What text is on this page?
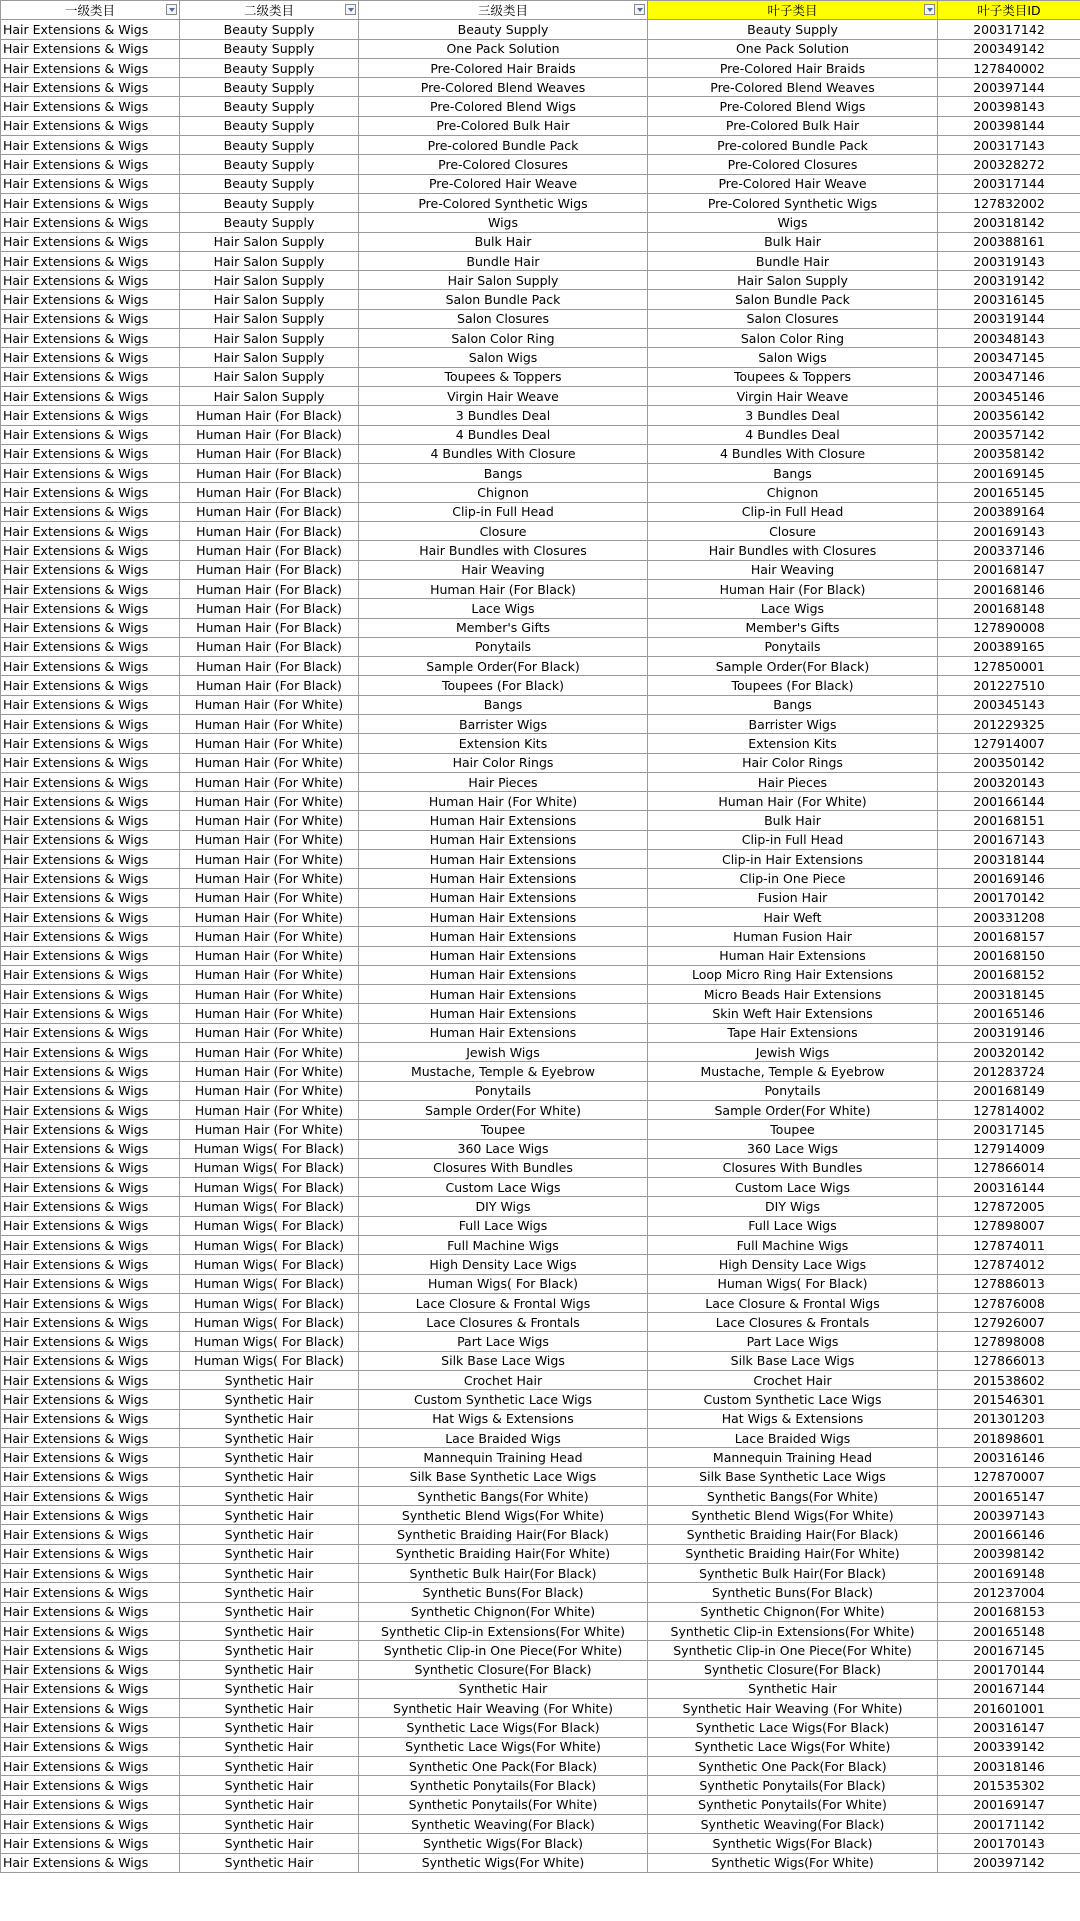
一级类目	二级类目	三级类目	叶子类目	叶子类目ID
Hair Extensions & Wigs	Beauty Supply	Beauty Supply	Beauty Supply	200317142
Hair Extensions & Wigs	Beauty Supply	One Pack Solution	One Pack Solution	200349142
Hair Extensions & Wigs	Beauty Supply	Pre-Colored Hair Braids	Pre-Colored Hair Braids	127840002
Hair Extensions & Wigs	Beauty Supply	Pre-Colored Blend Weaves	Pre-Colored Blend Weaves	200397144
Hair Extensions & Wigs	Beauty Supply	Pre-Colored Blend Wigs	Pre-Colored Blend Wigs	200398143
Hair Extensions & Wigs	Beauty Supply	Pre-Colored Bulk Hair	Pre-Colored Bulk Hair	200398144
Hair Extensions & Wigs	Beauty Supply	Pre-colored Bundle Pack	Pre-colored Bundle Pack	200317143
Hair Extensions & Wigs	Beauty Supply	Pre-Colored Closures	Pre-Colored Closures	200328272
Hair Extensions & Wigs	Beauty Supply	Pre-Colored Hair Weave	Pre-Colored Hair Weave	200317144
Hair Extensions & Wigs	Beauty Supply	Pre-Colored Synthetic Wigs	Pre-Colored Synthetic Wigs	127832002
Hair Extensions & Wigs	Beauty Supply	Wigs	Wigs	200318142
Hair Extensions & Wigs	Hair Salon Supply	Bulk Hair	Bulk Hair	200388161
Hair Extensions & Wigs	Hair Salon Supply	Bundle Hair	Bundle Hair	200319143
Hair Extensions & Wigs	Hair Salon Supply	Hair Salon Supply	Hair Salon Supply	200319142
Hair Extensions & Wigs	Hair Salon Supply	Salon Bundle Pack	Salon Bundle Pack	200316145
Hair Extensions & Wigs	Hair Salon Supply	Salon Closures	Salon Closures	200319144
Hair Extensions & Wigs	Hair Salon Supply	Salon Color Ring	Salon Color Ring	200348143
Hair Extensions & Wigs	Hair Salon Supply	Salon Wigs	Salon Wigs	200347145
Hair Extensions & Wigs	Hair Salon Supply	Toupees & Toppers	Toupees & Toppers	200347146
Hair Extensions & Wigs	Hair Salon Supply	Virgin Hair Weave	Virgin Hair Weave	200345146
Hair Extensions & Wigs	Human Hair (For Black)	3 Bundles Deal	3 Bundles Deal	200356142
Hair Extensions & Wigs	Human Hair (For Black)	4 Bundles Deal	4 Bundles Deal	200357142
Hair Extensions & Wigs	Human Hair (For Black)	4 Bundles With Closure	4 Bundles With Closure	200358142
Hair Extensions & Wigs	Human Hair (For Black)	Bangs	Bangs	200169145
Hair Extensions & Wigs	Human Hair (For Black)	Chignon	Chignon	200165145
Hair Extensions & Wigs	Human Hair (For Black)	Clip-in Full Head	Clip-in Full Head	200389164
Hair Extensions & Wigs	Human Hair (For Black)	Closure	Closure	200169143
Hair Extensions & Wigs	Human Hair (For Black)	Hair Bundles with Closures	Hair Bundles with Closures	200337146
Hair Extensions & Wigs	Human Hair (For Black)	Hair Weaving	Hair Weaving	200168147
Hair Extensions & Wigs	Human Hair (For Black)	Human Hair (For Black)	Human Hair (For Black)	200168146
Hair Extensions & Wigs	Human Hair (For Black)	Lace Wigs	Lace Wigs	200168148
Hair Extensions & Wigs	Human Hair (For Black)	Member's Gifts	Member's Gifts	127890008
Hair Extensions & Wigs	Human Hair (For Black)	Ponytails	Ponytails	200389165
Hair Extensions & Wigs	Human Hair (For Black)	Sample Order(For Black)	Sample Order(For Black)	127850001
Hair Extensions & Wigs	Human Hair (For Black)	Toupees (For Black)	Toupees (For Black)	201227510
Hair Extensions & Wigs	Human Hair (For White)	Bangs	Bangs	200345143
Hair Extensions & Wigs	Human Hair (For White)	Barrister Wigs	Barrister Wigs	201229325
Hair Extensions & Wigs	Human Hair (For White)	Extension Kits	Extension Kits	127914007
Hair Extensions & Wigs	Human Hair (For White)	Hair Color Rings	Hair Color Rings	200350142
Hair Extensions & Wigs	Human Hair (For White)	Hair Pieces	Hair Pieces	200320143
Hair Extensions & Wigs	Human Hair (For White)	Human Hair (For White)	Human Hair (For White)	200166144
Hair Extensions & Wigs	Human Hair (For White)	Human Hair Extensions	Bulk Hair	200168151
Hair Extensions & Wigs	Human Hair (For White)	Human Hair Extensions	Clip-in Full Head	200167143
Hair Extensions & Wigs	Human Hair (For White)	Human Hair Extensions	Clip-in Hair Extensions	200318144
Hair Extensions & Wigs	Human Hair (For White)	Human Hair Extensions	Clip-in One Piece	200169146
Hair Extensions & Wigs	Human Hair (For White)	Human Hair Extensions	Fusion Hair	200170142
Hair Extensions & Wigs	Human Hair (For White)	Human Hair Extensions	Hair Weft	200331208
Hair Extensions & Wigs	Human Hair (For White)	Human Hair Extensions	Human Fusion Hair	200168157
Hair Extensions & Wigs	Human Hair (For White)	Human Hair Extensions	Human Hair Extensions	200168150
Hair Extensions & Wigs	Human Hair (For White)	Human Hair Extensions	Loop Micro Ring Hair Extensions	200168152
Hair Extensions & Wigs	Human Hair (For White)	Human Hair Extensions	Micro Beads Hair Extensions	200318145
Hair Extensions & Wigs	Human Hair (For White)	Human Hair Extensions	Skin Weft Hair Extensions	200165146
Hair Extensions & Wigs	Human Hair (For White)	Human Hair Extensions	Tape Hair Extensions	200319146
Hair Extensions & Wigs	Human Hair (For White)	Jewish Wigs	Jewish Wigs	200320142
Hair Extensions & Wigs	Human Hair (For White)	Mustache, Temple & Eyebrow	Mustache, Temple & Eyebrow	201283724
Hair Extensions & Wigs	Human Hair (For White)	Ponytails	Ponytails	200168149
Hair Extensions & Wigs	Human Hair (For White)	Sample Order(For White)	Sample Order(For White)	127814002
Hair Extensions & Wigs	Human Hair (For White)	Toupee	Toupee	200317145
Hair Extensions & Wigs	Human Wigs( For Black)	360 Lace Wigs	360 Lace Wigs	127914009
Hair Extensions & Wigs	Human Wigs( For Black)	Closures With Bundles	Closures With Bundles	127866014
Hair Extensions & Wigs	Human Wigs( For Black)	Custom Lace Wigs	Custom Lace Wigs	200316144
Hair Extensions & Wigs	Human Wigs( For Black)	DIY Wigs	DIY Wigs	127872005
Hair Extensions & Wigs	Human Wigs( For Black)	Full Lace Wigs	Full Lace Wigs	127898007
Hair Extensions & Wigs	Human Wigs( For Black)	Full Machine Wigs	Full Machine Wigs	127874011
Hair Extensions & Wigs	Human Wigs( For Black)	High Density Lace Wigs	High Density Lace Wigs	127874012
Hair Extensions & Wigs	Human Wigs( For Black)	Human Wigs( For Black)	Human Wigs( For Black)	127886013
Hair Extensions & Wigs	Human Wigs( For Black)	Lace Closure & Frontal Wigs	Lace Closure & Frontal Wigs	127876008
Hair Extensions & Wigs	Human Wigs( For Black)	Lace Closures & Frontals	Lace Closures & Frontals	127926007
Hair Extensions & Wigs	Human Wigs( For Black)	Part Lace Wigs	Part Lace Wigs	127898008
Hair Extensions & Wigs	Human Wigs( For Black)	Silk Base Lace Wigs	Silk Base Lace Wigs	127866013
Hair Extensions & Wigs	Synthetic Hair	Crochet Hair	Crochet Hair	201538602
Hair Extensions & Wigs	Synthetic Hair	Custom Synthetic Lace Wigs	Custom Synthetic Lace Wigs	201546301
Hair Extensions & Wigs	Synthetic Hair	Hat Wigs & Extensions	Hat Wigs & Extensions	201301203
Hair Extensions & Wigs	Synthetic Hair	Lace Braided Wigs	Lace Braided Wigs	201898601
Hair Extensions & Wigs	Synthetic Hair	Mannequin Training Head	Mannequin Training Head	200316146
Hair Extensions & Wigs	Synthetic Hair	Silk Base Synthetic Lace Wigs	Silk Base Synthetic Lace Wigs	127870007
Hair Extensions & Wigs	Synthetic Hair	Synthetic Bangs(For White)	Synthetic Bangs(For White)	200165147
Hair Extensions & Wigs	Synthetic Hair	Synthetic Blend Wigs(For White)	Synthetic Blend Wigs(For White)	200397143
Hair Extensions & Wigs	Synthetic Hair	Synthetic Braiding Hair(For Black)	Synthetic Braiding Hair(For Black)	200166146
Hair Extensions & Wigs	Synthetic Hair	Synthetic Braiding Hair(For White)	Synthetic Braiding Hair(For White)	200398142
Hair Extensions & Wigs	Synthetic Hair	Synthetic Bulk Hair(For Black)	Synthetic Bulk Hair(For Black)	200169148
Hair Extensions & Wigs	Synthetic Hair	Synthetic Buns(For Black)	Synthetic Buns(For Black)	201237004
Hair Extensions & Wigs	Synthetic Hair	Synthetic Chignon(For White)	Synthetic Chignon(For White)	200168153
Hair Extensions & Wigs	Synthetic Hair	Synthetic Clip-in Extensions(For White)	Synthetic Clip-in Extensions(For White)	200165148
Hair Extensions & Wigs	Synthetic Hair	Synthetic Clip-in One Piece(For White)	Synthetic Clip-in One Piece(For White)	200167145
Hair Extensions & Wigs	Synthetic Hair	Synthetic Closure(For Black)	Synthetic Closure(For Black)	200170144
Hair Extensions & Wigs	Synthetic Hair	Synthetic Hair	Synthetic Hair	200167144
Hair Extensions & Wigs	Synthetic Hair	Synthetic Hair Weaving (For White)	Synthetic Hair Weaving (For White)	201601001
Hair Extensions & Wigs	Synthetic Hair	Synthetic Lace Wigs(For Black)	Synthetic Lace Wigs(For Black)	200316147
Hair Extensions & Wigs	Synthetic Hair	Synthetic Lace Wigs(For White)	Synthetic Lace Wigs(For White)	200339142
Hair Extensions & Wigs	Synthetic Hair	Synthetic One Pack(For Black)	Synthetic One Pack(For Black)	200318146
Hair Extensions & Wigs	Synthetic Hair	Synthetic Ponytails(For Black)	Synthetic Ponytails(For Black)	201535302
Hair Extensions & Wigs	Synthetic Hair	Synthetic Ponytails(For White)	Synthetic Ponytails(For White)	200169147
Hair Extensions & Wigs	Synthetic Hair	Synthetic Weaving(For Black)	Synthetic Weaving(For Black)	200171142
Hair Extensions & Wigs	Synthetic Hair	Synthetic Wigs(For Black)	Synthetic Wigs(For Black)	200170143
Hair Extensions & Wigs	Synthetic Hair	Synthetic Wigs(For White)	Synthetic Wigs(For White)	200397142
